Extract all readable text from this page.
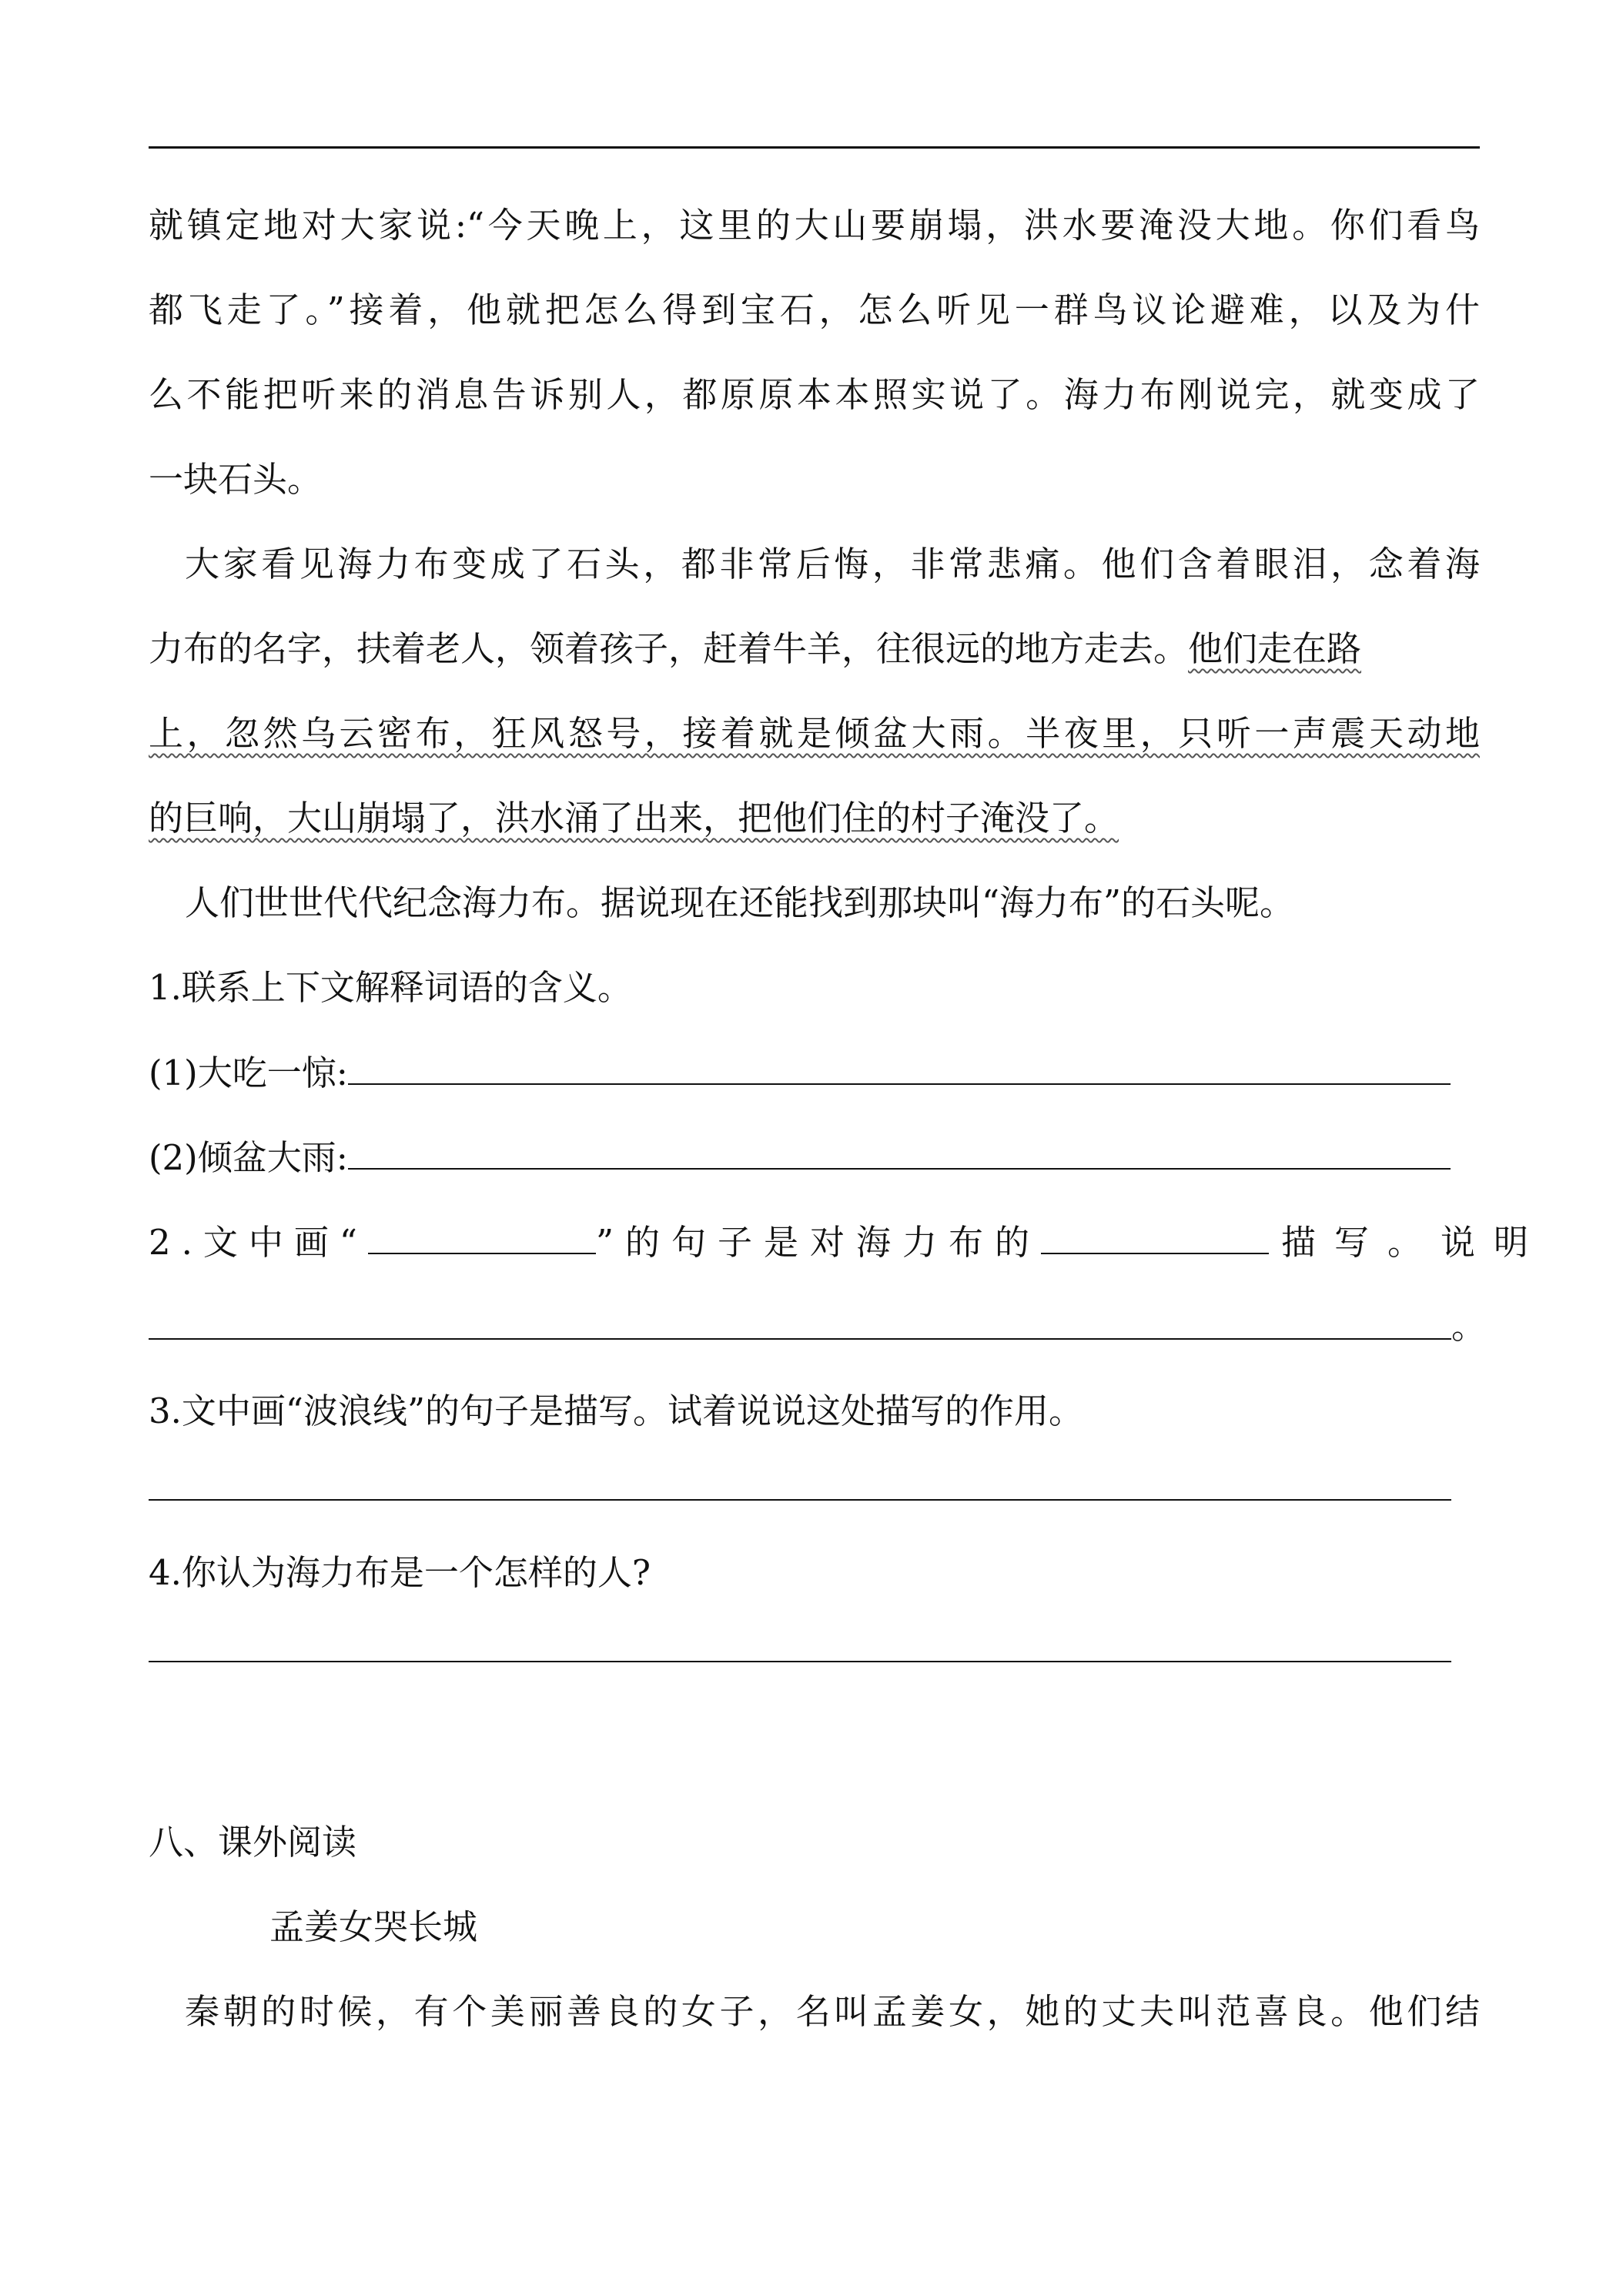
就镇定地对大家说:“今天晚上，这里的大山要崩塌，洪水要淹没大地。你们看鸟
都飞走了。”接着，他就把怎么得到宝石，怎么听见一群鸟议论避难，以及为什
么不能把听来的消息告诉别人，都原原本本照实说了。海力布刚说完，就变成了
一块石头。
大家看见海力布变成了石头，都非常后悔，非常悲痛。他们含着眼泪，念着海
力布的名字，扶着老人，领着孩子，赶着牛羊，往很远的地方走去。他们走在路
上，忽然乌云密布，狂风怒号，接着就是倾盆大雨。半夜里，只听一声震天动地
的巨响，大山崩塌了，洪水涌了出来，把他们住的村子淹没了。
人们世世代代纪念海力布。据说现在还能找到那块叫“海力布”的石头呢。
1.联系上下文解释词语的含义。
(1)大吃一惊:
(2)倾盆大雨:
2.文中画“	”的句子是对海力布的	描写。说明
。
3.文中画“波浪线”的句子是描写。试着说说这处描写的作用。
4.你认为海力布是一个怎样的人?
八、课外阅读
孟姜女哭长城
秦朝的时候，有个美丽善良的女子，名叫孟姜女，她的丈夫叫范喜良。他们结
